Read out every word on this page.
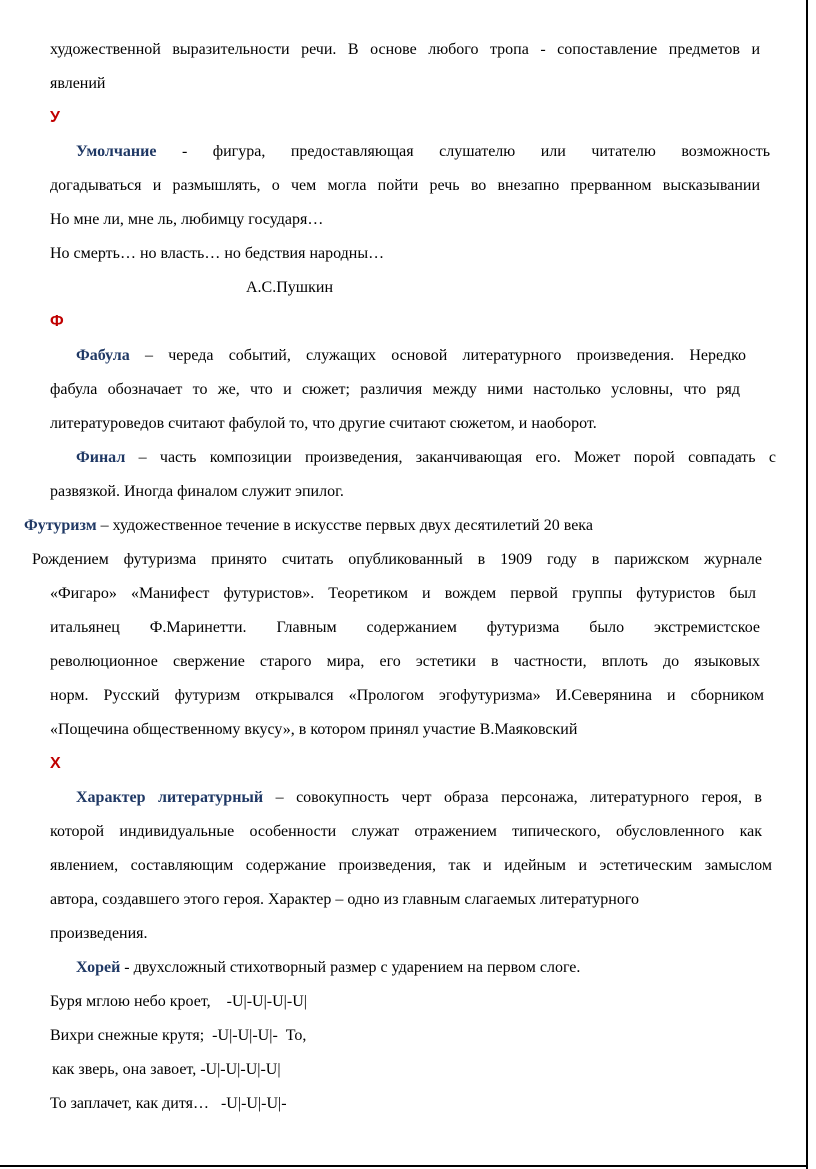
художественной выразительности речи. В основе любого тропа - сопоставление предметов и
явлений
У
Умолчание - фигура, предоставляющая слушателю или читателю возможность
догадываться и размышлять, о чем могла пойти речь во внезапно прерванном высказывании
Но мне ли, мне ль, любимцу государя…
Но смерть… но власть… но бедствия народны…
А.С.Пушкин
Ф
Фабула – череда событий, служащих основой литературного произведения. Нередко
фабула обозначает то же, что и сюжет; различия между ними настолько условны, что ряд
литературоведов считают фабулой то, что другие считают сюжетом, и наоборот.
Финал – часть композиции произведения, заканчивающая его. Может порой совпадать с
развязкой. Иногда финалом служит эпилог.
Футуризм – художественное течение в искусстве первых двух десятилетий 20 века
Рождением футуризма принято считать опубликованный в 1909 году в парижском журнале
«Фигаро» «Манифест футуристов». Теоретиком и вождем первой группы футуристов был
итальянец Ф.Маринетти. Главным содержанием футуризма было экстремистское
революционное свержение старого мира, его эстетики в частности, вплоть до языковых
норм. Русский футуризм открывался «Прологом эгофутуризма» И.Северянина и сборником
«Пощечина общественному вкусу», в котором принял участие В.Маяковский
Х
Характер литературный – совокупность черт образа персонажа, литературного героя, в
которой индивидуальные особенности служат отражением типического, обусловленного как
явлением, составляющим содержание произведения, так и идейным и эстетическим замыслом
автора, создавшего этого героя. Характер – одно из главным слагаемых литературного
произведения.
Хорей - двухсложный стихотворный размер с ударением на первом слоге.
Буря мглою небо кроет,    -U|-U|-U|-U|
Вихри снежные крутя;  -U|-U|-U|-  То,
как зверь, она завоет, -U|-U|-U|-U|
То заплачет, как дитя…   -U|-U|-U|-
